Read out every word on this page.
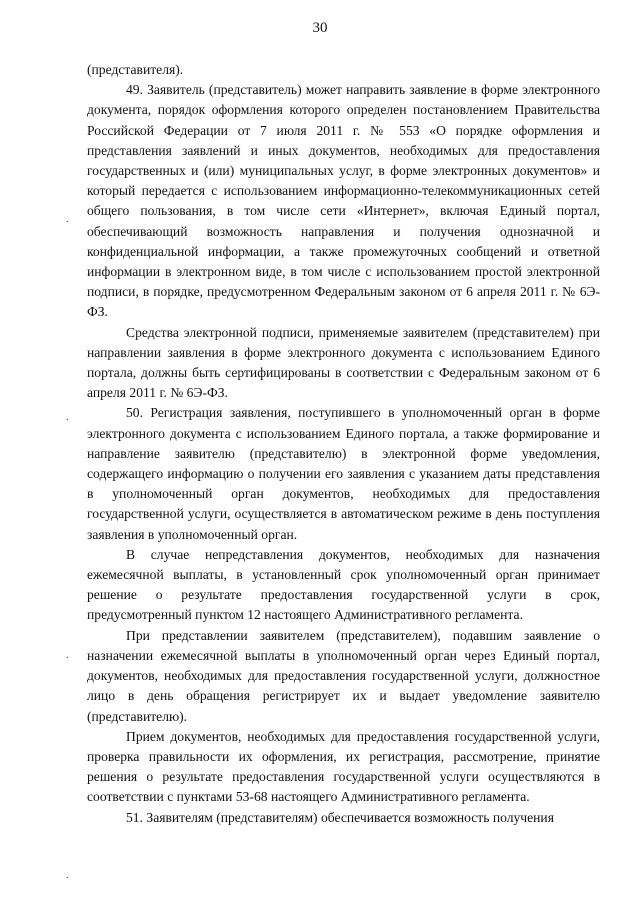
30

(представителя).

49. Заявитель (представитель) может направить заявление в форме электронного документа, порядок оформления которого определен постановлением Правительства Российской Федерации от 7 июля 2011 г. № 553 «О порядке оформления и представления заявлений и иных документов, необходимых для предоставления государственных и (или) муниципальных услуг, в форме электронных документов» и который передается с использованием информационно-телекоммуникационных сетей общего пользования, в том числе сети «Интернет», включая Единый портал, обеспечивающий возможность направления и получения однозначной и конфиденциальной информации, а также промежуточных сообщений и ответной информации в электронном виде, в том числе с использованием простой электронной подписи, в порядке, предусмотренном Федеральным законом от 6 апреля 2011 г. № 6Э-ФЗ.

Средства электронной подписи, применяемые заявителем (представителем) при направлении заявления в форме электронного документа с использованием Единого портала, должны быть сертифицированы в соответствии с Федеральным законом от 6 апреля 2011 г. № 6Э-ФЗ.

50. Регистрация заявления, поступившего в уполномоченный орган в форме электронного документа с использованием Единого портала, а также формирование и направление заявителю (представителю) в электронной форме уведомления, содержащего информацию о получении его заявления с указанием даты представления в уполномоченный орган документов, необходимых для предоставления государственной услуги, осуществляется в автоматическом режиме в день поступления заявления в уполномоченный орган.

В случае непредставления документов, необходимых для назначения ежемесячной выплаты, в установленный срок уполномоченный орган принимает решение о результате предоставления государственной услуги в срок, предусмотренный пунктом 12 настоящего Административного регламента.

При представлении заявителем (представителем), подавшим заявление о назначении ежемесячной выплаты в уполномоченный орган через Единый портал, документов, необходимых для предоставления государственной услуги, должностное лицо в день обращения регистрирует их и выдает уведомление заявителю (представителю).

Прием документов, необходимых для предоставления государственной услуги, проверка правильности их оформления, их регистрация, рассмотрение, принятие решения о результате предоставления государственной услуги осуществляются в соответствии с пунктами 53-68 настоящего Административного регламента.

51. Заявителям (представителям) обеспечивается возможность получения

.
.
.
.
